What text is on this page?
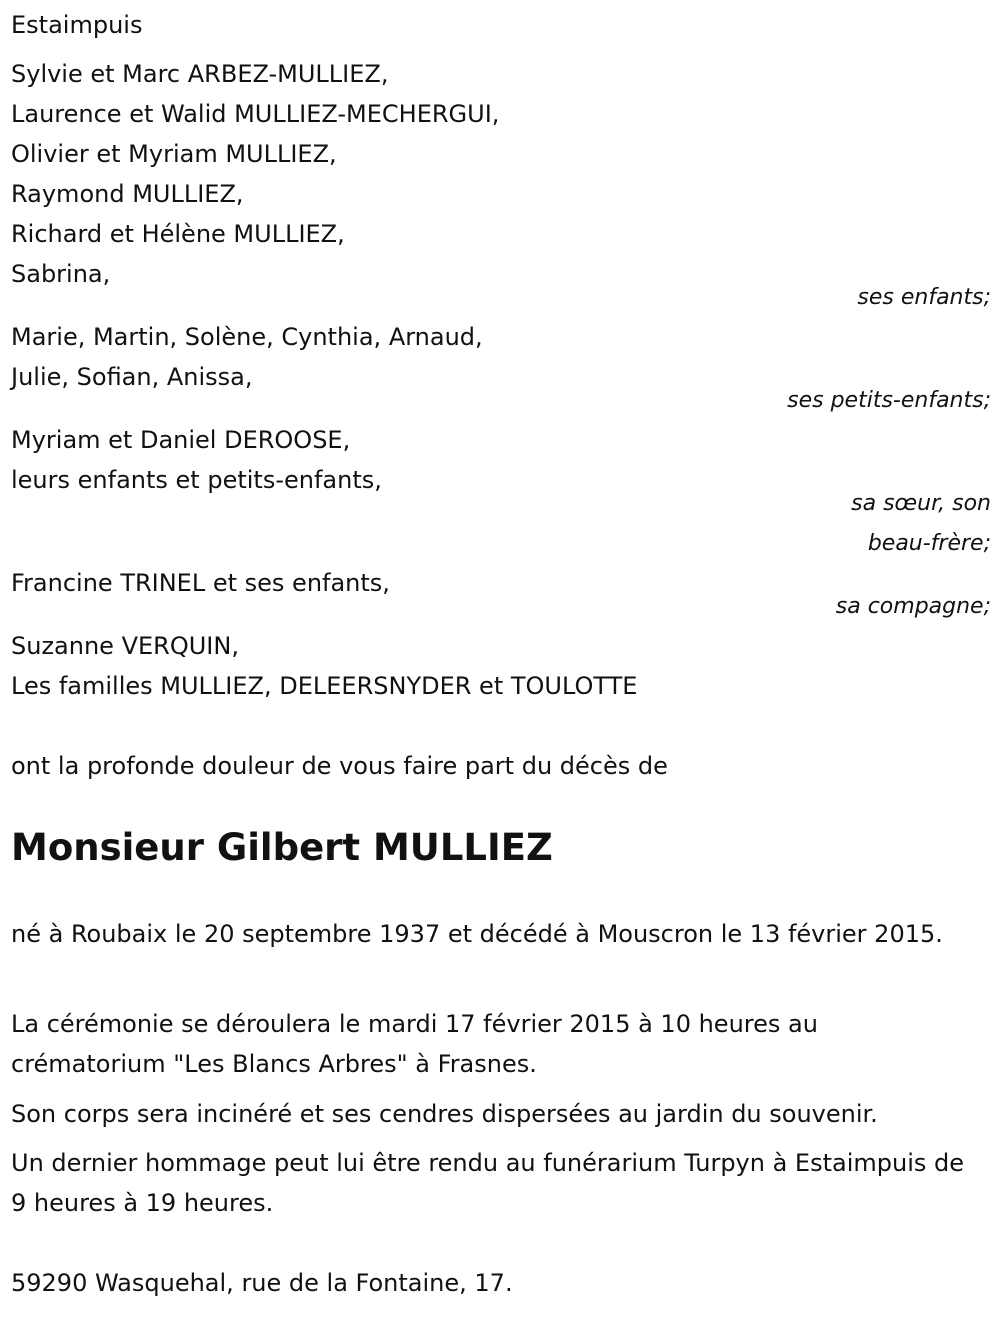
Estaimpuis
Sylvie et Marc ARBEZ-MULLIEZ,
Laurence et Walid MULLIEZ-MECHERGUI,
Olivier et Myriam MULLIEZ,
Raymond MULLIEZ,
Richard et Hélène MULLIEZ,
Sabrina,
ses enfants;
Marie, Martin, Solène, Cynthia, Arnaud,
Julie, Sofian, Anissa,
ses petits-enfants;
Myriam et Daniel DEROOSE,
leurs enfants et petits-enfants,
sa sœur, son
beau-frère;
Francine TRINEL et ses enfants,
sa compagne;
Suzanne VERQUIN,
Les familles MULLIEZ, DELEERSNYDER et TOULOTTE
ont la profonde douleur de vous faire part du décès de
Monsieur Gilbert MULLIEZ
né à Roubaix le 20 septembre 1937 et décédé à Mouscron le 13 février 2015.
La cérémonie se déroulera le mardi 17 février 2015 à 10 heures au crématorium "Les Blancs Arbres" à Frasnes.
Son corps sera incinéré et ses cendres dispersées au jardin du souvenir.
Un dernier hommage peut lui être rendu au funérarium Turpyn à Estaimpuis de 9 heures à 19 heures.
59290 Wasquehal, rue de la Fontaine, 17.
